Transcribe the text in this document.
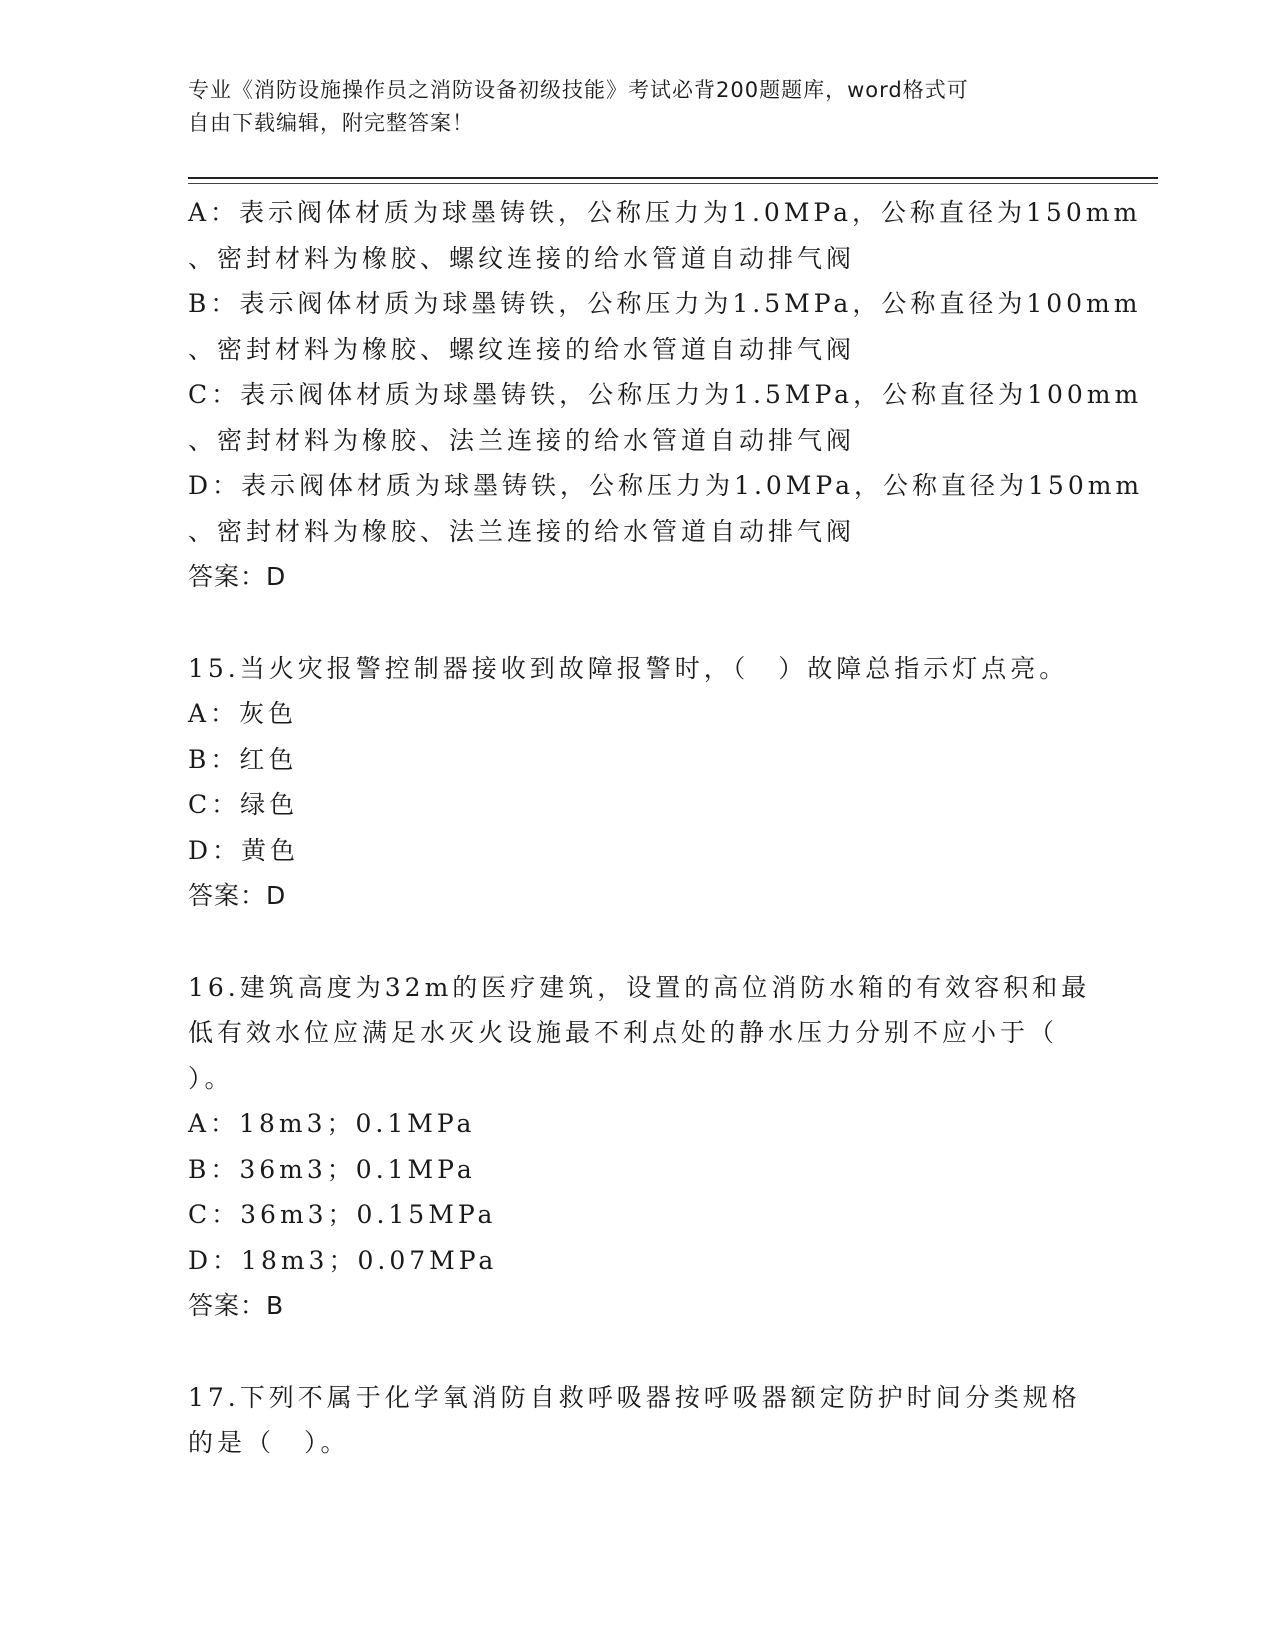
专业《消防设施操作员之消防设备初级技能》考试必背200题题库，word格式可
自由下载编辑，附完整答案！
A：表示阀体材质为球墨铸铁，公称压力为1.0MPa，公称直径为150mm
、密封材料为橡胶、螺纹连接的给水管道自动排气阀
B：表示阀体材质为球墨铸铁，公称压力为1.5MPa，公称直径为100mm
、密封材料为橡胶、螺纹连接的给水管道自动排气阀
C：表示阀体材质为球墨铸铁，公称压力为1.5MPa，公称直径为100mm
、密封材料为橡胶、法兰连接的给水管道自动排气阀
D：表示阀体材质为球墨铸铁，公称压力为1.0MPa，公称直径为150mm
、密封材料为橡胶、法兰连接的给水管道自动排气阀
答案：D
15.当火灾报警控制器接收到故障报警时，（　）故障总指示灯点亮。
A：灰色
B：红色
C：绿色
D：黄色
答案：D
16.建筑高度为32m的医疗建筑，设置的高位消防水箱的有效容积和最
低有效水位应满足水灭火设施最不利点处的静水压力分别不应小于（
）。
A：18m3；0.1MPa
B：36m3；0.1MPa
C：36m3；0.15MPa
D：18m3；0.07MPa
答案：B
17.下列不属于化学氧消防自救呼吸器按呼吸器额定防护时间分类规格
的是（　）。
